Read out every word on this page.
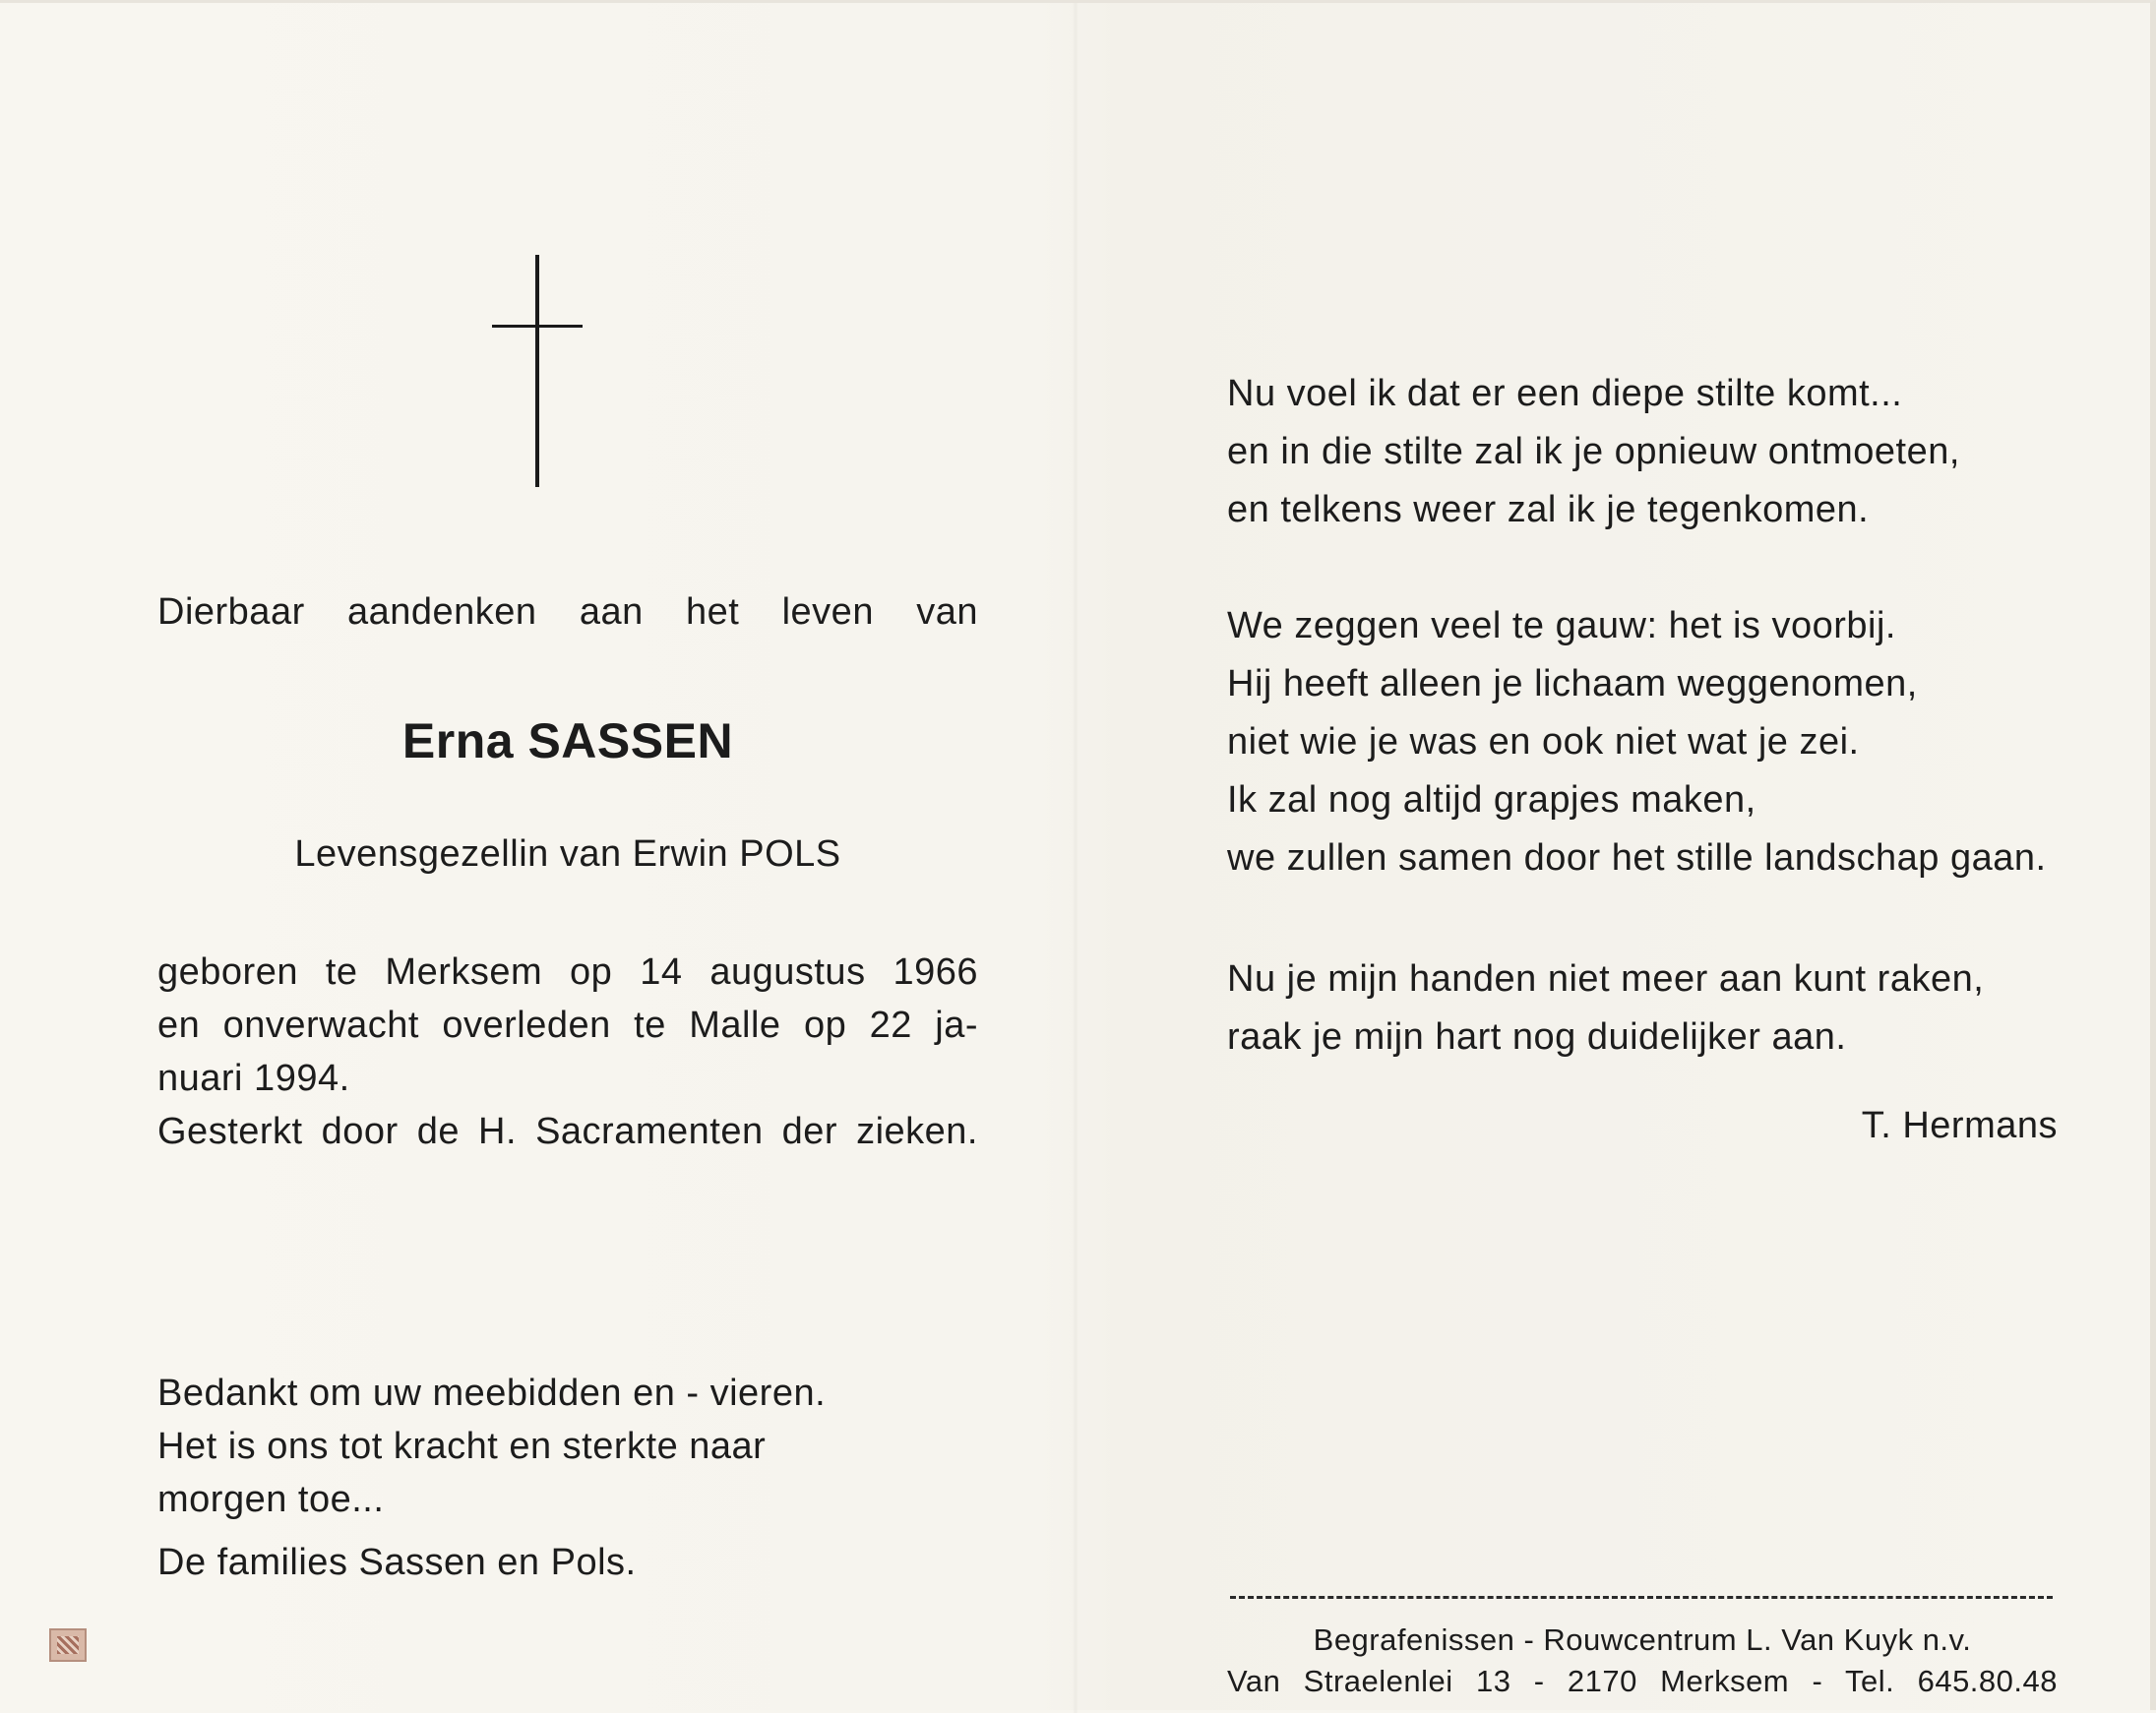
Dierbaar aandenken aan het leven van

Erna SASSEN

Levensgezellin van Erwin POLS

geboren te Merksem op 14 augustus 1966
en onverwacht overleden te Malle op 22 ja-
nuari 1994.
Gesterkt door de H. Sacramenten der zieken.
Bedankt om uw meebidden en - vieren.
Het is ons tot kracht en sterkte naar
morgen toe...

De families Sassen en Pols.

Nu voel ik dat er een diepe stilte komt...
en in die stilte zal ik je opnieuw ontmoeten,
en telkens weer zal ik je tegenkomen.
We zeggen veel te gauw: het is voorbij.
Hij heeft alleen je lichaam weggenomen,
niet wie je was en ook niet wat je zei.
Ik zal nog altijd grapjes maken,
we zullen samen door het stille landschap gaan.
Nu je mijn handen niet meer aan kunt raken,
raak je mijn hart nog duidelijker aan.

T. Hermans

Begrafenissen - Rouwcentrum L. Van Kuyk n.v.

Van Straelenlei 13 - 2170 Merksem - Tel. 645.80.48
